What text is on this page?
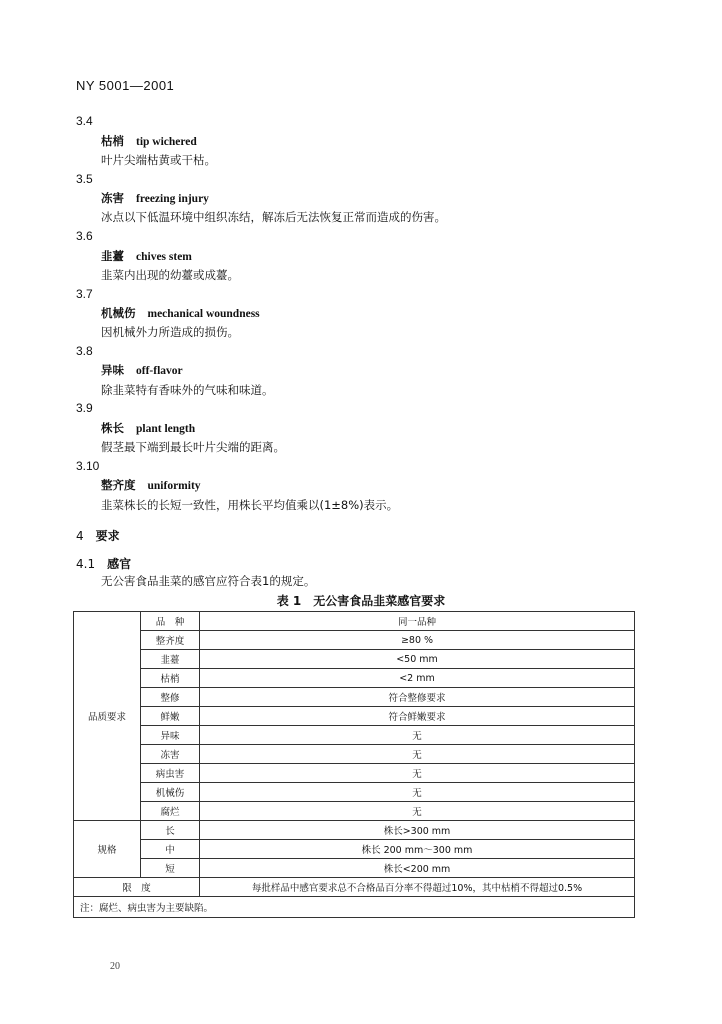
NY 5001—2001
3.4
枯梢 tip wichered
叶片尖端枯黄或干枯。
3.5
冻害 freezing injury
冰点以下低温环境中组织冻结，解冻后无法恢复正常而造成的伤害。
3.6
韭薹 chives stem
韭菜内出现的幼薹或成薹。
3.7
机械伤 mechanical woundness
因机械外力所造成的损伤。
3.8
异味 off-flavor
除韭菜特有香味外的气味和味道。
3.9
株长 plant length
假茎最下端到最长叶片尖端的距离。
3.10
整齐度 uniformity
韭菜株长的长短一致性，用株长平均值乘以(1±8%)表示。
4 要求
4.1 感官
无公害食品韭菜的感官应符合表1的规定。
表 1 无公害食品韭菜感官要求
品质要求	品　种	同一品种
	整齐度	≥80 %
	韭薹	<50 mm
	枯梢	<2 mm
	整修	符合整修要求
	鲜嫩	符合鲜嫩要求
	异味	无
	冻害	无
	病虫害	无
	机械伤	无
	腐烂	无
规格	长	株长>300 mm
	中	株长 200 mm～300 mm
	短	株长<200 mm
限　度		每批样品中感官要求总不合格品百分率不得超过10%，其中枯梢不得超过0.5%
注：腐烂、病虫害为主要缺陷。		
20
